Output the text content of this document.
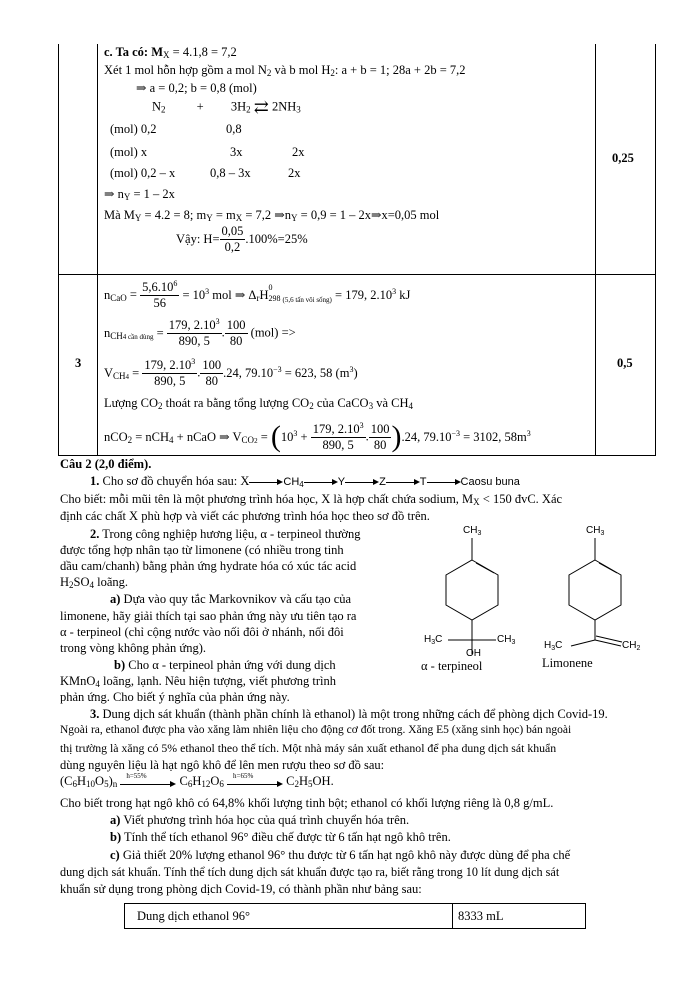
c. Ta có: $M_X = 4.1,8 = 7,2$
Xét 1 mol hỗn hợp gồm a mol $N_2$ và b mol $H_2$: a + b = 1; 28a + 2b = 7,2
⇒ a = 0,2; b = 0,8 (mol)
$N_2 + 3H_2$ ⇄ $2NH_3$
(mol) 0,2	0,8
(mol) x	3x	2x
(mol) 0,2 – x	0,8 – 3x	2x
⇒ $n_Y = 1 - 2x$
Mà $M_Y = 4.2 = 8$; $m_Y = m_X = 7,2$ $\Rightarrow n_Y = 0,9 = 1$ – 2x⇒x=0,05 mol
Vậy: $H= \frac{0,05}{0,2} .100\%=25\%$
0,25
3
$n_{CaO} = \frac{5,6.10^6}{56} = 10^3$ mol ⇒ $\Delta_rH$
0
298 $_{(5,6 tấn vôi sống)}$ = 179, 2.10$^3$ kJ
$n_{CH4 cần dùng} = \frac{179, 2.10^3}{890, 5}$ . $\frac{100}{80} (mol)$ =>
$V_{CH4} = \frac{179, 2.10^3}{890, 5}$ . $\frac{100}{80} .24$, $79.10^{-3} = 623$, 58 $(m^3)$
Lượng $CO_2$ thoát ra bằng tổng lượng $CO_2$ của CaCO$_3$ và $CH_4$
nCO$_2$ = nCH$_4$ + nCaO ⇒ $V_{CO2} = (10^3 + \frac{179, 2.10^3}{890, 5}$ . $\frac{100}{80} ).24$, $79.10^{-3} = 3102$, $58m^3$
0,5
Câu 2 (2,0 điểm).
1. Cho sơ đồ chuyển hóa sau: X	$CH_4$	Y	Z	T	Caosu buna
Cho biết: mỗi mũi tên là một phương trình hóa học, X là hợp chất chứa sodium, $M_X < 150$ đvC. Xác
định các chất X phù hợp và viết các phương trình hóa học theo sơ đồ trên.
2. Trong công nghiệp hương liệu, α - terpineol thường
được tổng hợp nhân tạo từ limonene (có nhiều trong tinh
dầu cam/chanh) bằng phản ứng hydrate hóa có xúc tác acid
$H_2SO_4$ loãng.
a) Dựa vào quy tắc Markovnikov và cấu tạo của
limonene, hãy giải thích tại sao phản ứng này ưu tiên tạo ra
α - terpineol (chỉ cộng nước vào nối đôi ở nhánh, nối đôi
trong vòng không phản ứng).
b) Cho α - terpineol phản ứng với dung dịch
KMnO$_4$ loãng, lạnh. Nêu hiện tượng, viết phương trình
phản ứng. Cho biết ý nghĩa của phản ứng này.
$CH_3$	$CH_3$
$H_3C$	$CH_3$
OH
$H_3C$	$CH_2$
α - terpineol	Limonene
3. Dung dịch sát khuẩn (thành phần chính là ethanol) là một trong những cách để phòng dịch Covid-19.
Ngoài ra, ethanol được pha vào xăng làm nhiên liệu cho động cơ đốt trong. Xăng E5 (xăng sinh học) bán ngoài
thị trường là xăng có 5% ethanol theo thể tích. Một nhà máy sản xuất ethanol để pha dung dịch sát khuẩn
dùng nguyên liệu là hạt ngô khô để lên men rượu theo sơ đồ sau:
$(C_6H_{10}O_5)_n$
h=55%	$C_6H_{12}O_6$
h=65%	$C_2H_5OH$.
Cho biết trong hạt ngô khô có 64,8% khối lượng tinh bột; ethanol có khối lượng riêng là 0,8 g/mL.
a) Viết phương trình hóa học của quá trình chuyển hóa trên.
b) Tính thể tích ethanol 96° điều chế được từ 6 tấn hạt ngô khô trên.
c) Giả thiết 20% lượng ethanol 96° thu được từ 6 tấn hạt ngô khô này được dùng để pha chế
dung dịch sát khuẩn. Tính thể tích dung dịch sát khuẩn được tạo ra, biết rằng trong 10 lít dung dịch sát
khuẩn sử dụng trong phòng dịch Covid-19, có thành phần như bảng sau:
Dung dịch ethanol 96°	8333 mL
